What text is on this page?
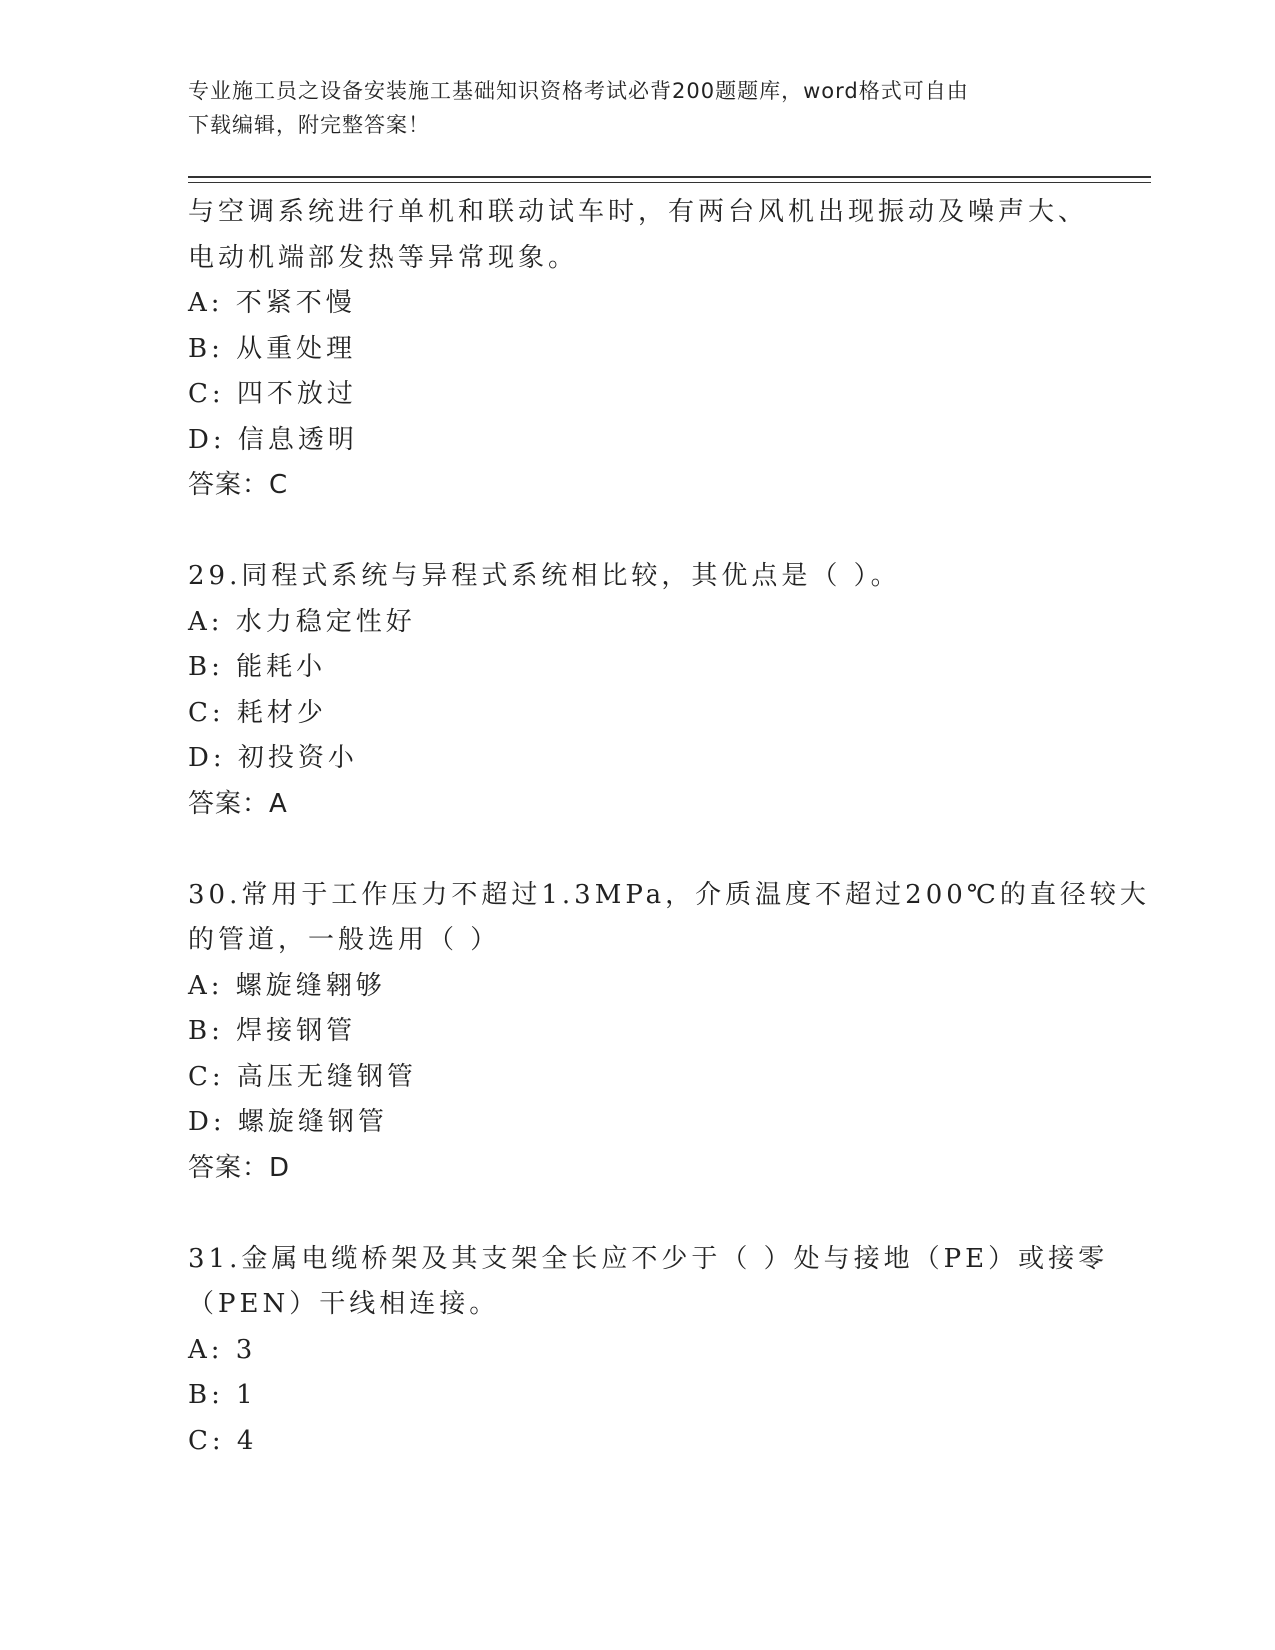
专业施工员之设备安装施工基础知识资格考试必背200题题库，word格式可自由
下载编辑，附完整答案！
与空调系统进行单机和联动试车时，有两台风机出现振动及噪声大、
电动机端部发热等异常现象。
A: 不紧不慢
B: 从重处理
C: 四不放过
D: 信息透明
答案：C
29.同程式系统与异程式系统相比较，其优点是（ ）。
A: 水力稳定性好
B: 能耗小
C: 耗材少
D: 初投资小
答案：A
30.常用于工作压力不超过1.3MPa，介质温度不超过200℃的直径较大
的管道，一般选用（ ）
A: 螺旋缝翱够
B: 焊接钢管
C: 高压无缝钢管
D: 螺旋缝钢管
答案：D
31.金属电缆桥架及其支架全长应不少于（ ）处与接地（PE）或接零
（PEN）干线相连接。
A: 3
B: 1
C: 4
